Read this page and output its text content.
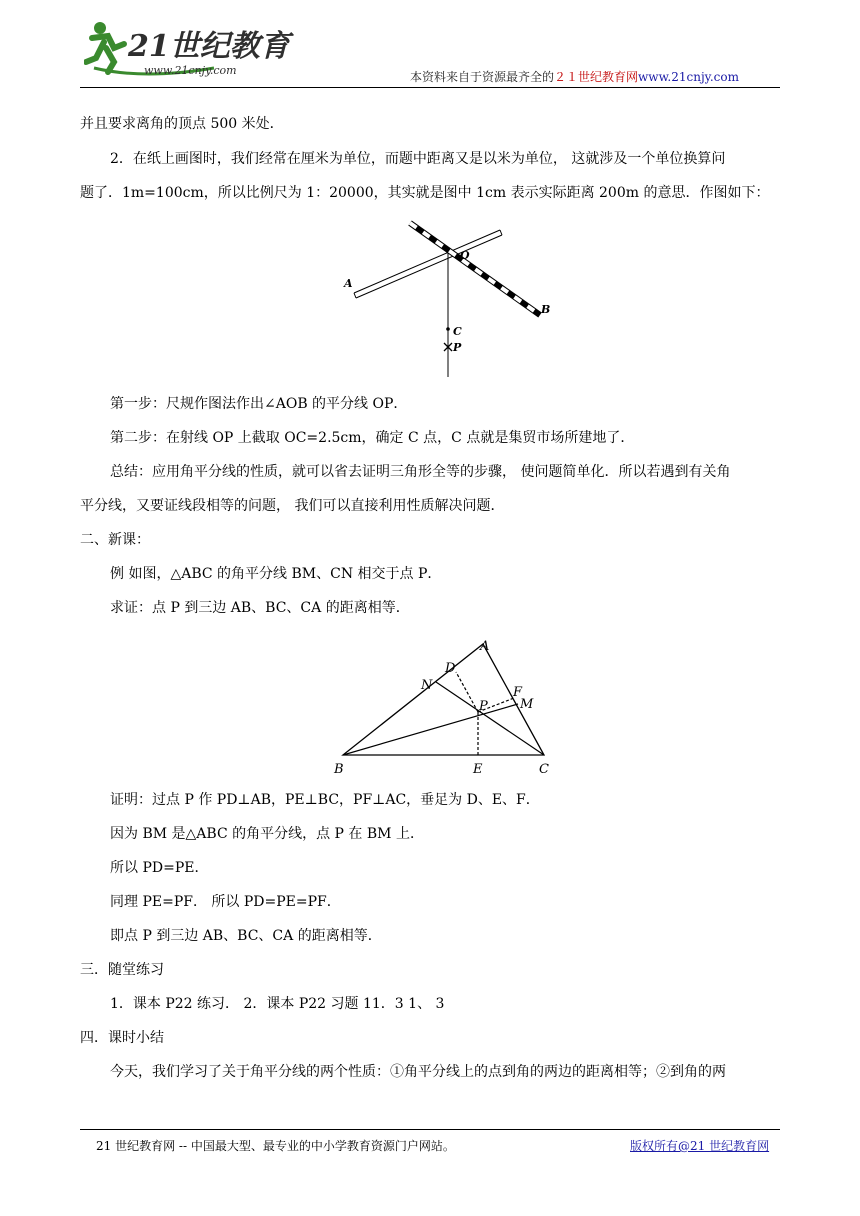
21世纪教育
www.21cnjy.com	本资料来自于资源最齐全的２１世纪教育网www.21cnjy.com
并且要求离角的顶点 500 米处．
2．在纸上画图时，我们经常在厘米为单位，而题中距离又是以米为单位， 这就涉及一个单位换算问
题了．1m=100cm，所以比例尺为 1：20000，其实就是图中 1cm 表示实际距离 200m 的意思．作图如下：
A
O
B
C
P
第一步：尺规作图法作出∠AOB 的平分线 OP．
第二步：在射线 OP 上截取 OC=2.5cm，确定 C 点，C 点就是集贸市场所建地了．
总结：应用角平分线的性质，就可以省去证明三角形全等的步骤， 使问题简单化．所以若遇到有关角
平分线，又要证线段相等的问题， 我们可以直接利用性质解决问题．
二、新课：
例 如图，△ABC 的角平分线 BM、CN 相交于点 P．
求证：点 P 到三边 AB、BC、CA 的距离相等．
A
B	C
D
E
F
M
N
P
证明：过点 P 作 PD⊥AB，PE⊥BC，PF⊥AC，垂足为 D、E、F．
因为 BM 是△ABC 的角平分线，点 P 在 BM 上．
所以 PD=PE．
同理 PE=PF． 所以 PD=PE=PF．
即点 P 到三边 AB、BC、CA 的距离相等．
三．随堂练习
1．课本 P22 练习． 2．课本 P22 习题 11．3 1、 3
四．课时小结
今天，我们学习了关于角平分线的两个性质：①角平分线上的点到角的两边的距离相等；②到角的两
21 世纪教育网 -- 中国最大型、最专业的中小学教育资源门户网站。	版权所有@21 世纪教育网
